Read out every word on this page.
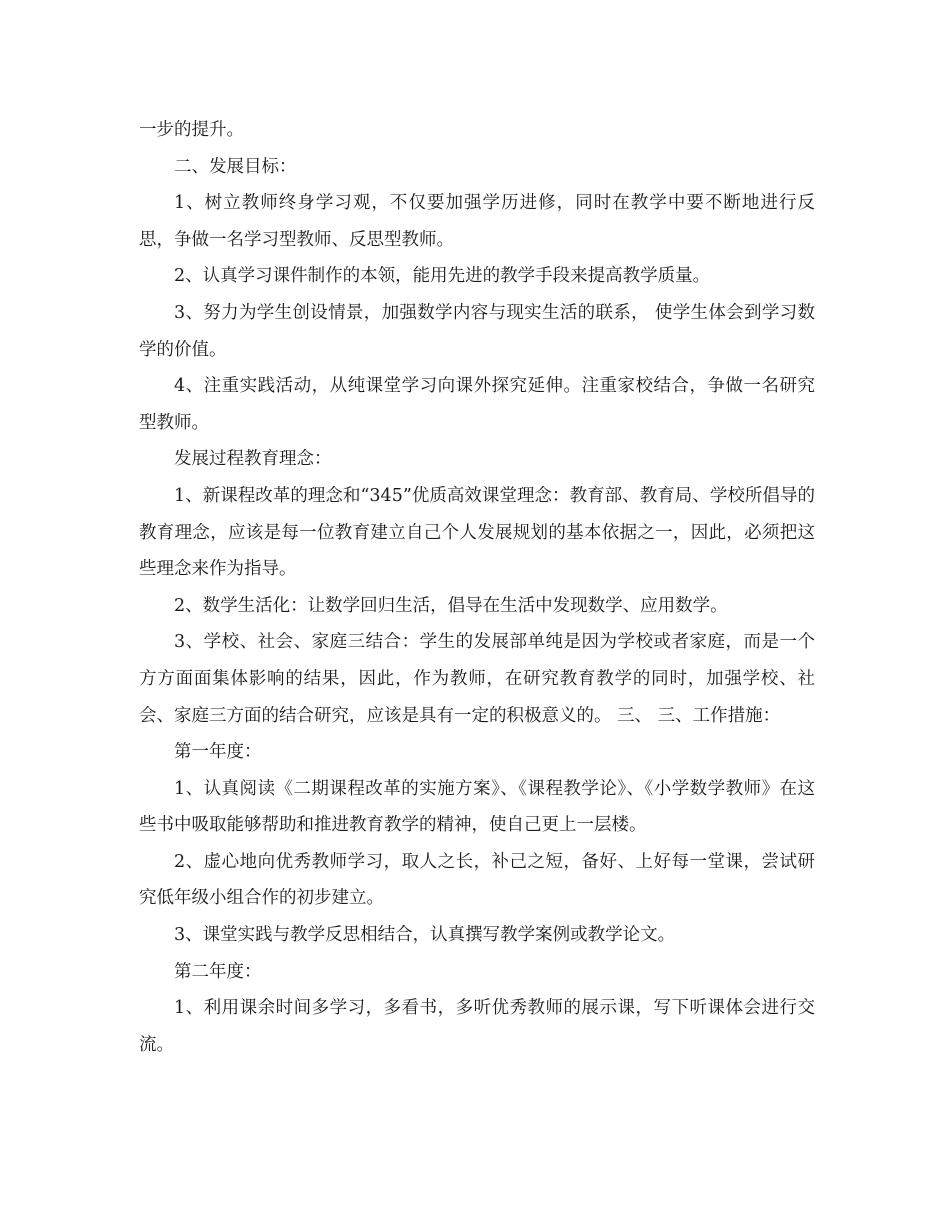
一步的提升。

二、发展目标：

1、树立教师终身学习观，不仅要加强学历进修，同时在教学中要不断地进行反思，争做一名学习型教师、反思型教师。

2、认真学习课件制作的本领，能用先进的教学手段来提高教学质量。

3、努力为学生创设情景，加强数学内容与现实生活的联系， 使学生体会到学习数学的价值。

4、注重实践活动，从纯课堂学习向课外探究延伸。注重家校结合，争做一名研究型教师。

发展过程教育理念：

1、新课程改革的理念和“345”优质高效课堂理念：教育部、教育局、学校所倡导的教育理念，应该是每一位教育建立自己个人发展规划的基本依据之一，因此，必须把这些理念来作为指导。

2、数学生活化：让数学回归生活，倡导在生活中发现数学、应用数学。

3、学校、社会、家庭三结合：学生的发展部单纯是因为学校或者家庭，而是一个方方面面集体影响的结果，因此，作为教师，在研究教育教学的同时，加强学校、社会、家庭三方面的结合研究，应该是具有一定的积极意义的。 三、 三、工作措施：

第一年度：

1、认真阅读《二期课程改革的实施方案》、《课程教学论》、《小学数学教师》在这些书中吸取能够帮助和推进教育教学的精神，使自己更上一层楼。

2、虚心地向优秀教师学习，取人之长，补己之短，备好、上好每一堂课，尝试研究低年级小组合作的初步建立。

3、课堂实践与教学反思相结合，认真撰写教学案例或教学论文。

第二年度：

1、利用课余时间多学习，多看书，多听优秀教师的展示课，写下听课体会进行交流。
